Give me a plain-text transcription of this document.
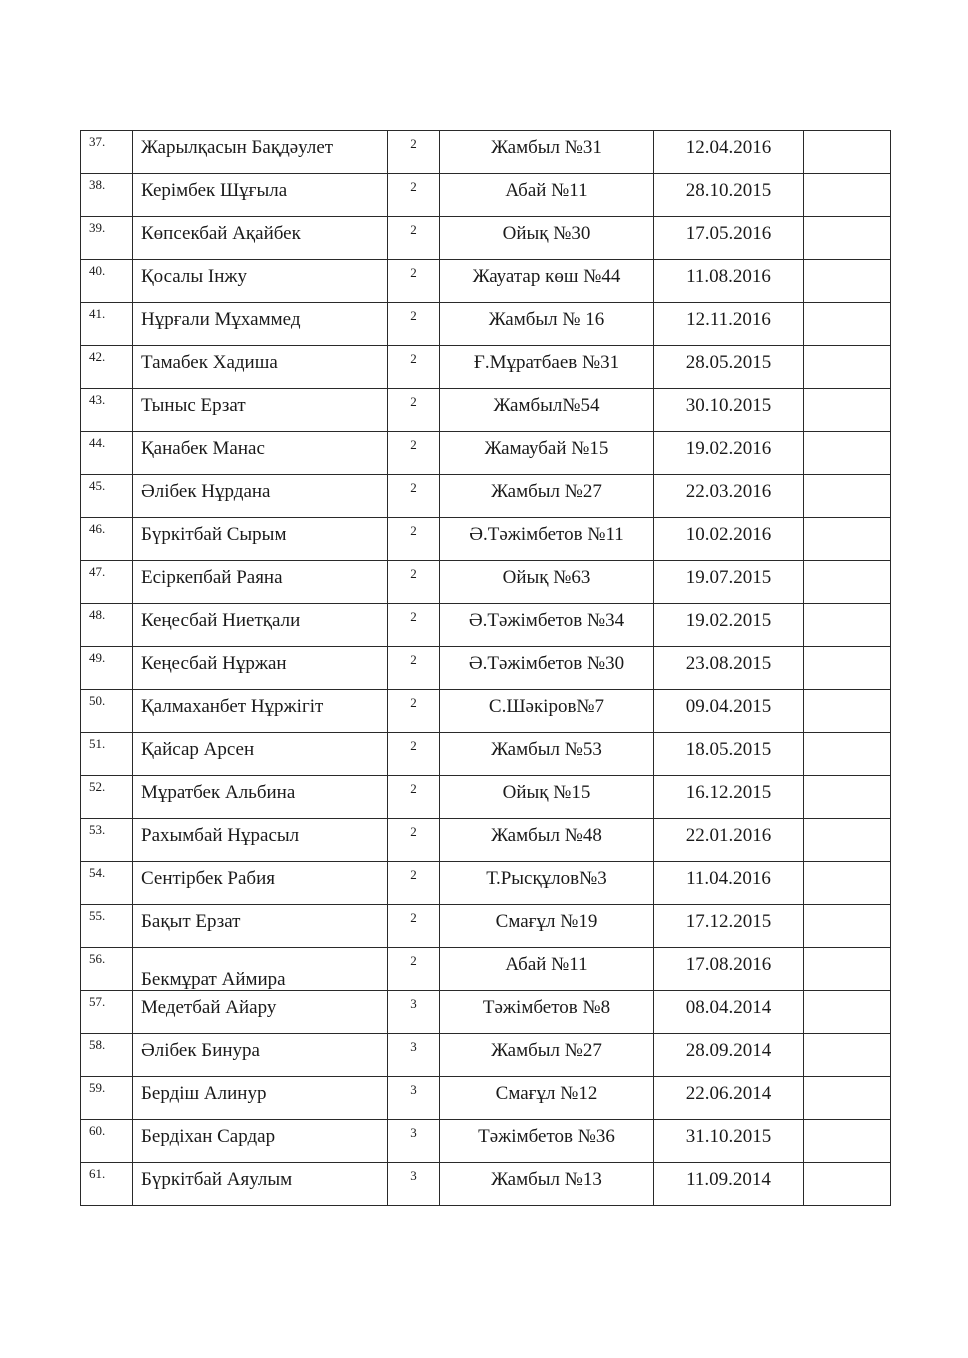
37.	Жарылқасын Бақдәулет	2	Жамбыл №31	12.04.2016	

38.	Керімбек Шұғыла	2	Абай №11	28.10.2015	

39.	Көпсекбай Ақайбек	2	Ойық №30	17.05.2016	

40.	Қосалы Інжу	2	Жауатар көш №44	11.08.2016	

41.	Нұрғали Мұхаммед	2	Жамбыл № 16	12.11.2016	

42.	Тамабек Хадиша	2	Ғ.Мұратбаев №31	28.05.2015	

43.	Тыныс Ерзат	2	Жамбыл№54	30.10.2015	

44.	Қанабек Манас	2	Жамаубай №15	19.02.2016	

45.	Әлібек Нұрдана	2	Жамбыл №27	22.03.2016	

46.	Бүркітбай Сырым	2	Ә.Тәжімбетов №11	10.02.2016	

47.	Есіркепбай Раяна	2	Ойық №63	19.07.2015	

48.	Кеңесбай Ниетқали	2	Ә.Тәжімбетов №34	19.02.2015	

49.	Кеңесбай Нұржан	2	Ә.Тәжімбетов №30	23.08.2015	

50.	Қалмаханбет Нұржігіт	2	С.Шәкіров№7	09.04.2015	

51.	Қайсар Арсен	2	Жамбыл №53	18.05.2015	

52.	Мұратбек Альбина	2	Ойық №15	16.12.2015	

53.	Рахымбай Нұрасыл	2	Жамбыл №48	22.01.2016	

54.	Сентірбек Рабия	2	Т.Рысқұлов№3	11.04.2016	

55.	Бақыт Ерзат	2	Смағұл №19	17.12.2015	

56.	Бекмұрат Аймира	2	Абай №11	17.08.2016	

57.	Медетбай Айару	3	Тәжімбетов №8	08.04.2014	

58.	Әлібек Бинура	3	Жамбыл №27	28.09.2014	

59.	Бердіш Алинур	3	Смағұл №12	22.06.2014	

60.	Бердіхан Сардар	3	Тәжімбетов №36	31.10.2015	

61.	Бүркітбай Аяулым	3	Жамбыл №13	11.09.2014	
